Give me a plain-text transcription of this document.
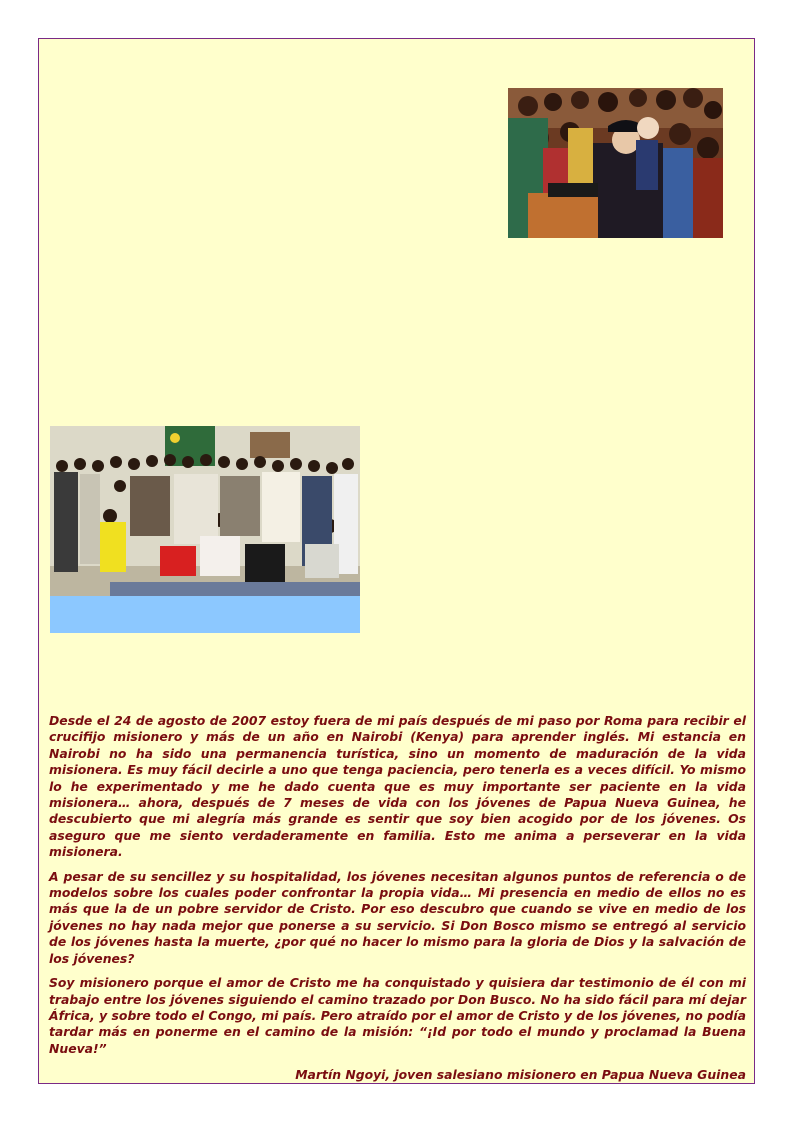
Desde el 24 de agosto de 2007 estoy fuera de mi país después de mi paso por Roma para recibir el crucifijo misionero y más de un año en Nairobi (Kenya) para aprender inglés. Mi estancia en Nairobi no ha sido una permanencia turística, sino un momento de maduración de la vida misionera. Es muy fácil decirle a uno que tenga paciencia, pero tenerla es a veces difícil. Yo mismo lo he experimentado y me he dado cuenta que es muy importante ser paciente en la vida misionera… ahora, después de 7 meses de vida con los jóvenes de Papua Nueva Guinea, he descubierto que mi alegría más grande es sentir que soy bien acogido por de los jóvenes. Os aseguro que me siento verdaderamente en familia. Esto me anima a perseverar en la vida misionera.

A pesar de su sencillez y su hospitalidad, los jóvenes necesitan algunos puntos de referencia o de modelos sobre los cuales poder confrontar la propia vida… Mi presencia en medio de ellos no es más que la de un pobre servidor de Cristo. Por eso descubro que cuando se vive en medio de los jóvenes no hay nada mejor que ponerse a su servicio. Si Don Bosco mismo se entregó al servicio de los jóvenes hasta la muerte, ¿por qué no hacer lo mismo para la gloria de Dios y la salvación de los jóvenes?

Soy misionero porque el amor de Cristo me ha conquistado y quisiera dar testimonio de él con mi trabajo entre los jóvenes siguiendo el camino trazado por Don Busco. No ha sido fácil para mí dejar África, y sobre todo el Congo, mi país. Pero atraído por el amor de Cristo y de los jóvenes, no podía tardar más en ponerme en el camino de la misión: “¡Id por todo el mundo y proclamad la Buena Nueva!”

Martín Ngoyi, joven salesiano misionero en Papua Nueva Guinea
